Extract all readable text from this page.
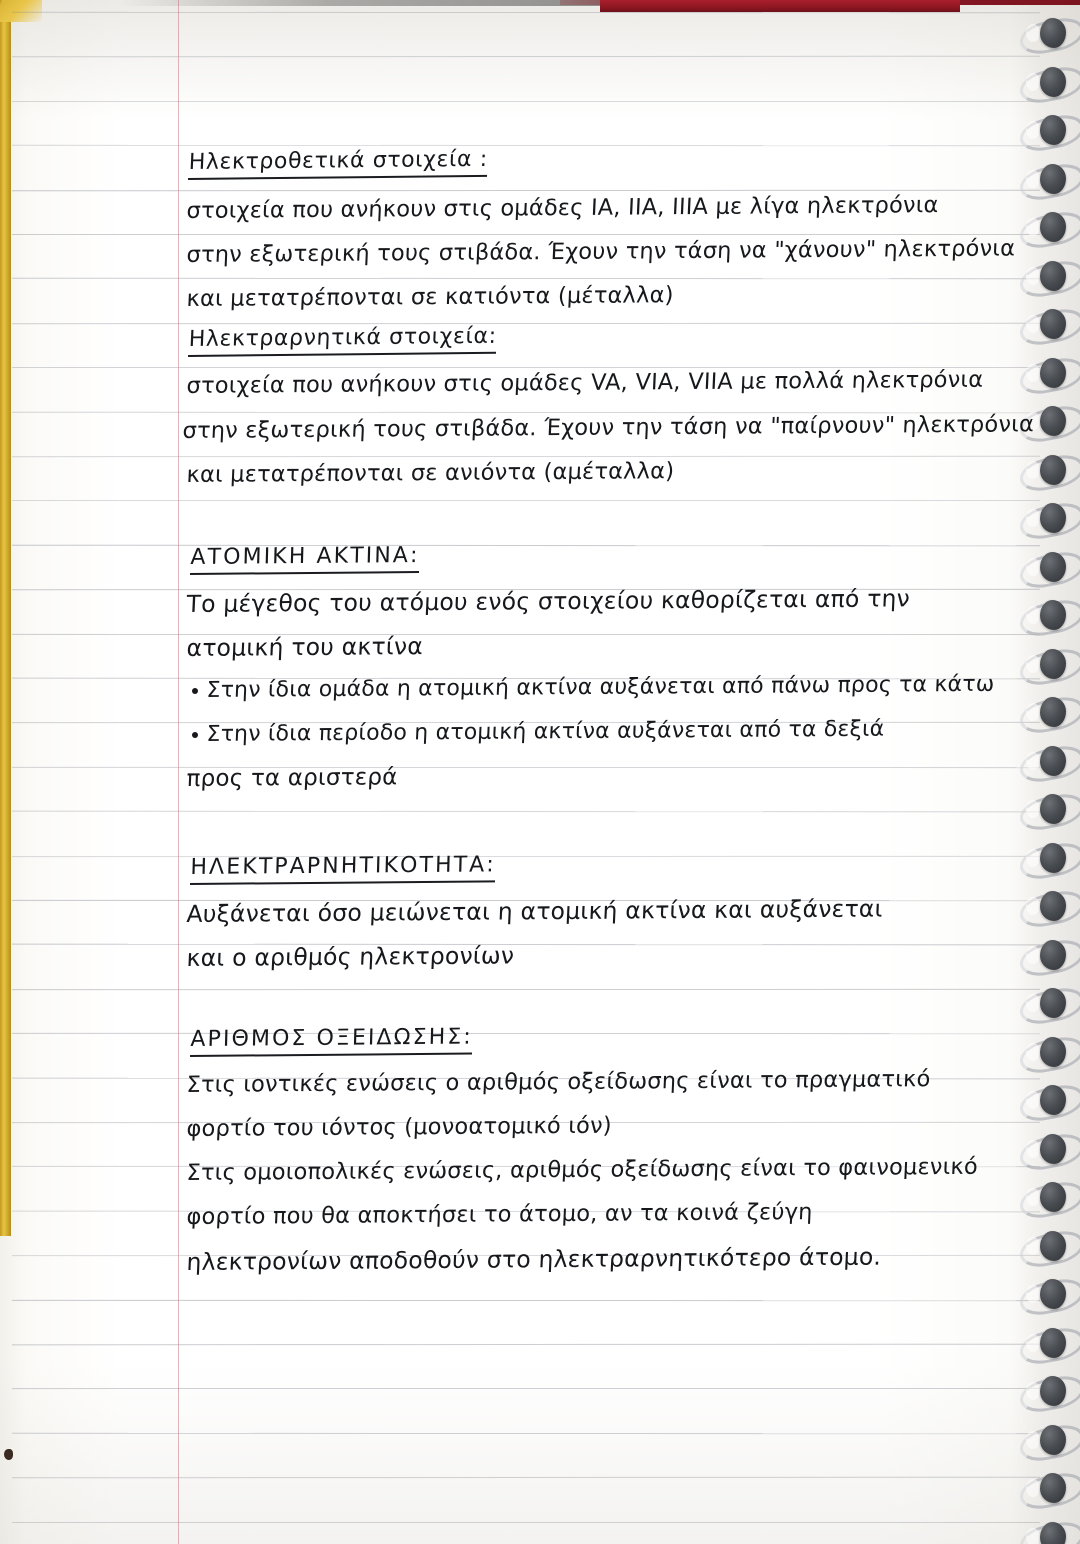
Ηλεκτροθετικά στοιχεία :
στοιχεία που ανήκουν στις ομάδες ΙΑ, ΙΙΑ, ΙΙΙΑ με λίγα ηλεκτρόνια
στην εξωτερική τους στιβάδα. Έχουν την τάση να "χάνουν" ηλεκτρόνια
και μετατρέπονται σε κατιόντα (μέταλλα)
Ηλεκτραρνητικά στοιχεία:
στοιχεία που ανήκουν στις ομάδες VA, VIA, VIIA με πολλά ηλεκτρόνια
στην εξωτερική τους στιβάδα. Έχουν την τάση να "παίρνουν" ηλεκτρόνια
και μετατρέπονται σε ανιόντα (αμέταλλα)
ΑΤΟΜΙΚΗ ΑΚΤΙΝΑ:
Το μέγεθος του ατόμου ενός στοιχείου καθορίζεται από την
ατομική του ακτίνα
Στην ίδια ομάδα η ατομική ακτίνα αυξάνεται από πάνω προς τα κάτω
Στην ίδια περίοδο η ατομική ακτίνα αυξάνεται από τα δεξιά
προς τα αριστερά
ΗΛΕΚΤΡΑΡΝΗΤΙΚΟΤΗΤΑ:
Αυξάνεται όσο μειώνεται η ατομική ακτίνα και αυξάνεται
και ο αριθμός ηλεκτρονίων
ΑΡΙΘΜΟΣ ΟΞΕΙΔΩΣΗΣ:
Στις ιοντικές ενώσεις ο αριθμός οξείδωσης είναι το πραγματικό
φορτίο του ιόντος (μονοατομικό ιόν)
Στις ομοιοπολικές ενώσεις, αριθμός οξείδωσης είναι το φαινομενικό
φορτίο που θα αποκτήσει το άτομο, αν τα κοινά ζεύγη
ηλεκτρονίων αποδοθούν στο ηλεκτραρνητικότερο άτομο.
